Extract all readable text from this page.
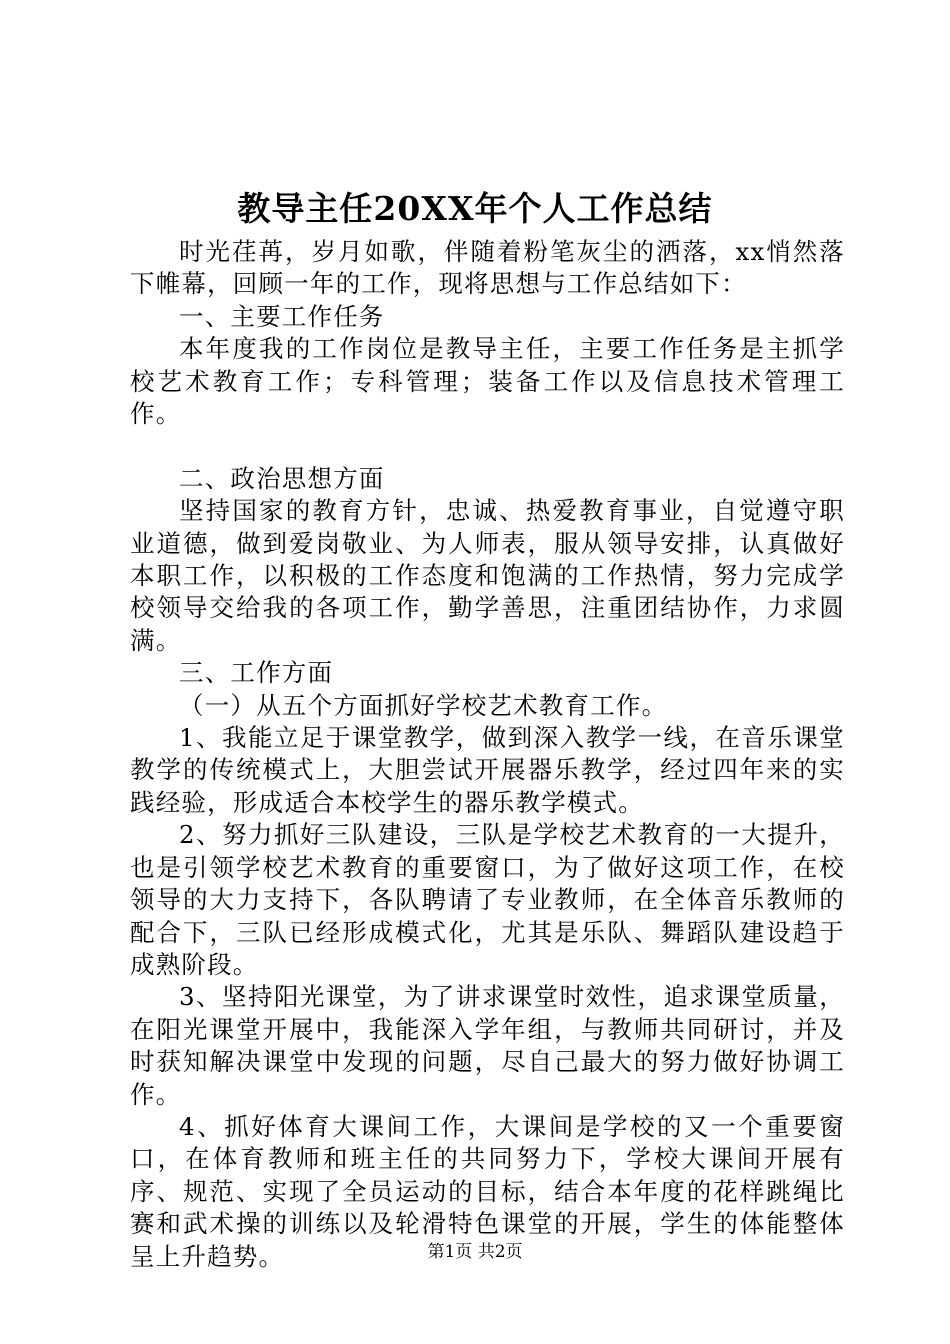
教导主任20XX年个人工作总结

时光荏苒，岁月如歌，伴随着粉笔灰尘的洒落，xx悄然落下帷幕，回顾一年的工作，现将思想与工作总结如下：

一、主要工作任务

本年度我的工作岗位是教导主任，主要工作任务是主抓学校艺术教育工作；专科管理；装备工作以及信息技术管理工作。

二、政治思想方面

坚持国家的教育方针，忠诚、热爱教育事业，自觉遵守职业道德，做到爱岗敬业、为人师表，服从领导安排，认真做好本职工作，以积极的工作态度和饱满的工作热情，努力完成学校领导交给我的各项工作，勤学善思，注重团结协作，力求圆满。

三、工作方面

（一）从五个方面抓好学校艺术教育工作。

1、我能立足于课堂教学，做到深入教学一线，在音乐课堂教学的传统模式上，大胆尝试开展器乐教学，经过四年来的实践经验，形成适合本校学生的器乐教学模式。

2、努力抓好三队建设，三队是学校艺术教育的一大提升，也是引领学校艺术教育的重要窗口，为了做好这项工作，在校领导的大力支持下，各队聘请了专业教师，在全体音乐教师的配合下，三队已经形成模式化，尤其是乐队、舞蹈队建设趋于成熟阶段。

3、坚持阳光课堂，为了讲求课堂时效性，追求课堂质量，在阳光课堂开展中，我能深入学年组，与教师共同研讨，并及时获知解决课堂中发现的问题，尽自己最大的努力做好协调工作。

4、抓好体育大课间工作，大课间是学校的又一个重要窗口，在体育教师和班主任的共同努力下，学校大课间开展有序、规范、实现了全员运动的目标，结合本年度的花样跳绳比赛和武术操的训练以及轮滑特色课堂的开展，学生的体能整体呈上升趋势。	第1页 共2页
